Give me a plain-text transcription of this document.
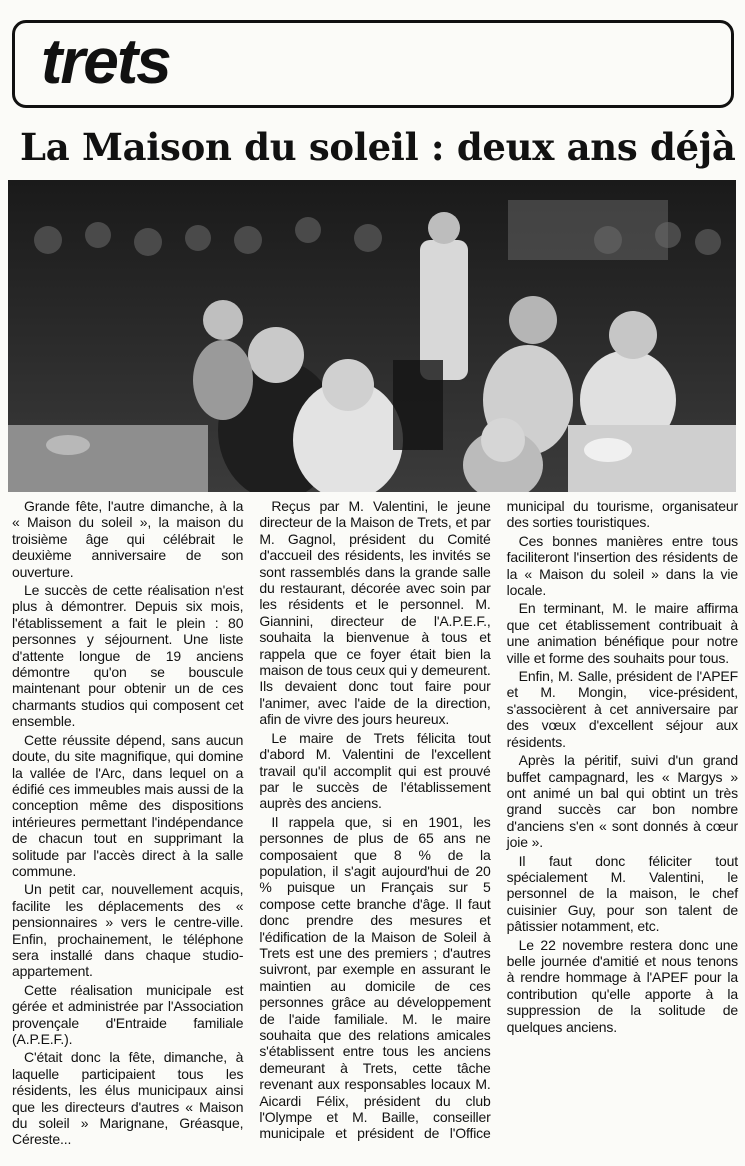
trets
La Maison du soleil : deux ans déjà

Grande fête, l'autre dimanche, à la « Maison du soleil », la maison du troisième âge qui célébrait le deuxième anniversaire de son ouverture.

Le succès de cette réalisation n'est plus à démontrer. Depuis six mois, l'établissement a fait le plein : 80 personnes y séjournent. Une liste d'attente longue de 19 anciens démontre qu'on se bouscule maintenant pour obtenir un de ces charmants studios qui composent cet ensemble.

Cette réussite dépend, sans aucun doute, du site magnifique, qui domine la vallée de l'Arc, dans lequel on a édifié ces immeubles mais aussi de la conception même des dispositions intérieures permettant l'indépendance de chacun tout en supprimant la solitude par l'accès direct à la salle commune.

Un petit car, nouvellement acquis, facilite les déplacements des « pensionnaires » vers le centre-ville. Enfin, prochainement, le téléphone sera installé dans chaque studio-appartement.

Cette réalisation municipale est gérée et administrée par l'Association provençale d'Entraide familiale (A.P.E.F.).

C'était donc la fête, dimanche, à laquelle participaient tous les résidents, les élus municipaux ainsi que les directeurs d'autres « Maison du soleil » Marignane, Gréasque, Céreste...

Reçus par M. Valentini, le jeune directeur de la Maison de Trets, et par M. Gagnol, président du Comité d'accueil des résidents, les invités se sont rassemblés dans la grande salle du restaurant, décorée avec soin par les résidents et le personnel. M. Giannini, directeur de l'A.P.E.F., souhaita la bienvenue à tous et rappela que ce foyer était bien la maison de tous ceux qui y demeurent. Ils devaient donc tout faire pour l'animer, avec l'aide de la direction, afin de vivre des jours heureux.

Le maire de Trets félicita tout d'abord M. Valentini de l'excellent travail qu'il accomplit qui est prouvé par le succès de l'établissement auprès des anciens.

Il rappela que, si en 1901, les personnes de plus de 65 ans ne composaient que 8 % de la population, il s'agit aujourd'hui de 20 % puisque un Français sur 5 compose cette branche d'âge. Il faut donc prendre des mesures et l'édification de la Maison de Soleil à Trets est une des premiers ; d'autres suivront, par exemple en assurant le maintien au domicile de ces personnes grâce au développement de l'aide familiale. M. le maire souhaita que des relations amicales s'établissent entre tous les anciens demeurant à Trets, cette tâche revenant aux responsables locaux M. Aicardi Félix, président du club l'Olympe et M. Baille, conseiller municipale et président de l'Office municipal du tourisme, organisateur des sorties touristiques.

Ces bonnes manières entre tous faciliteront l'insertion des résidents de la « Maison du soleil » dans la vie locale.

En terminant, M. le maire affirma que cet établissement contribuait à une animation bénéfique pour notre ville et forme des souhaits pour tous.

Enfin, M. Salle, président de l'APEF et M. Mongin, vice-président, s'associèrent à cet anniversaire par des vœux d'excellent séjour aux résidents.

Après la péritif, suivi d'un grand buffet campagnard, les « Margys » ont animé un bal qui obtint un très grand succès car bon nombre d'anciens s'en « sont donnés à cœur joie ».

Il faut donc féliciter tout spécialement M. Valentini, le personnel de la maison, le chef cuisinier Guy, pour son talent de pâtissier notamment, etc.

Le 22 novembre restera donc une belle journée d'amitié et nous tenons à rendre hommage à l'APEF pour la contribution qu'elle apporte à la suppression de la solitude de quelques anciens.
